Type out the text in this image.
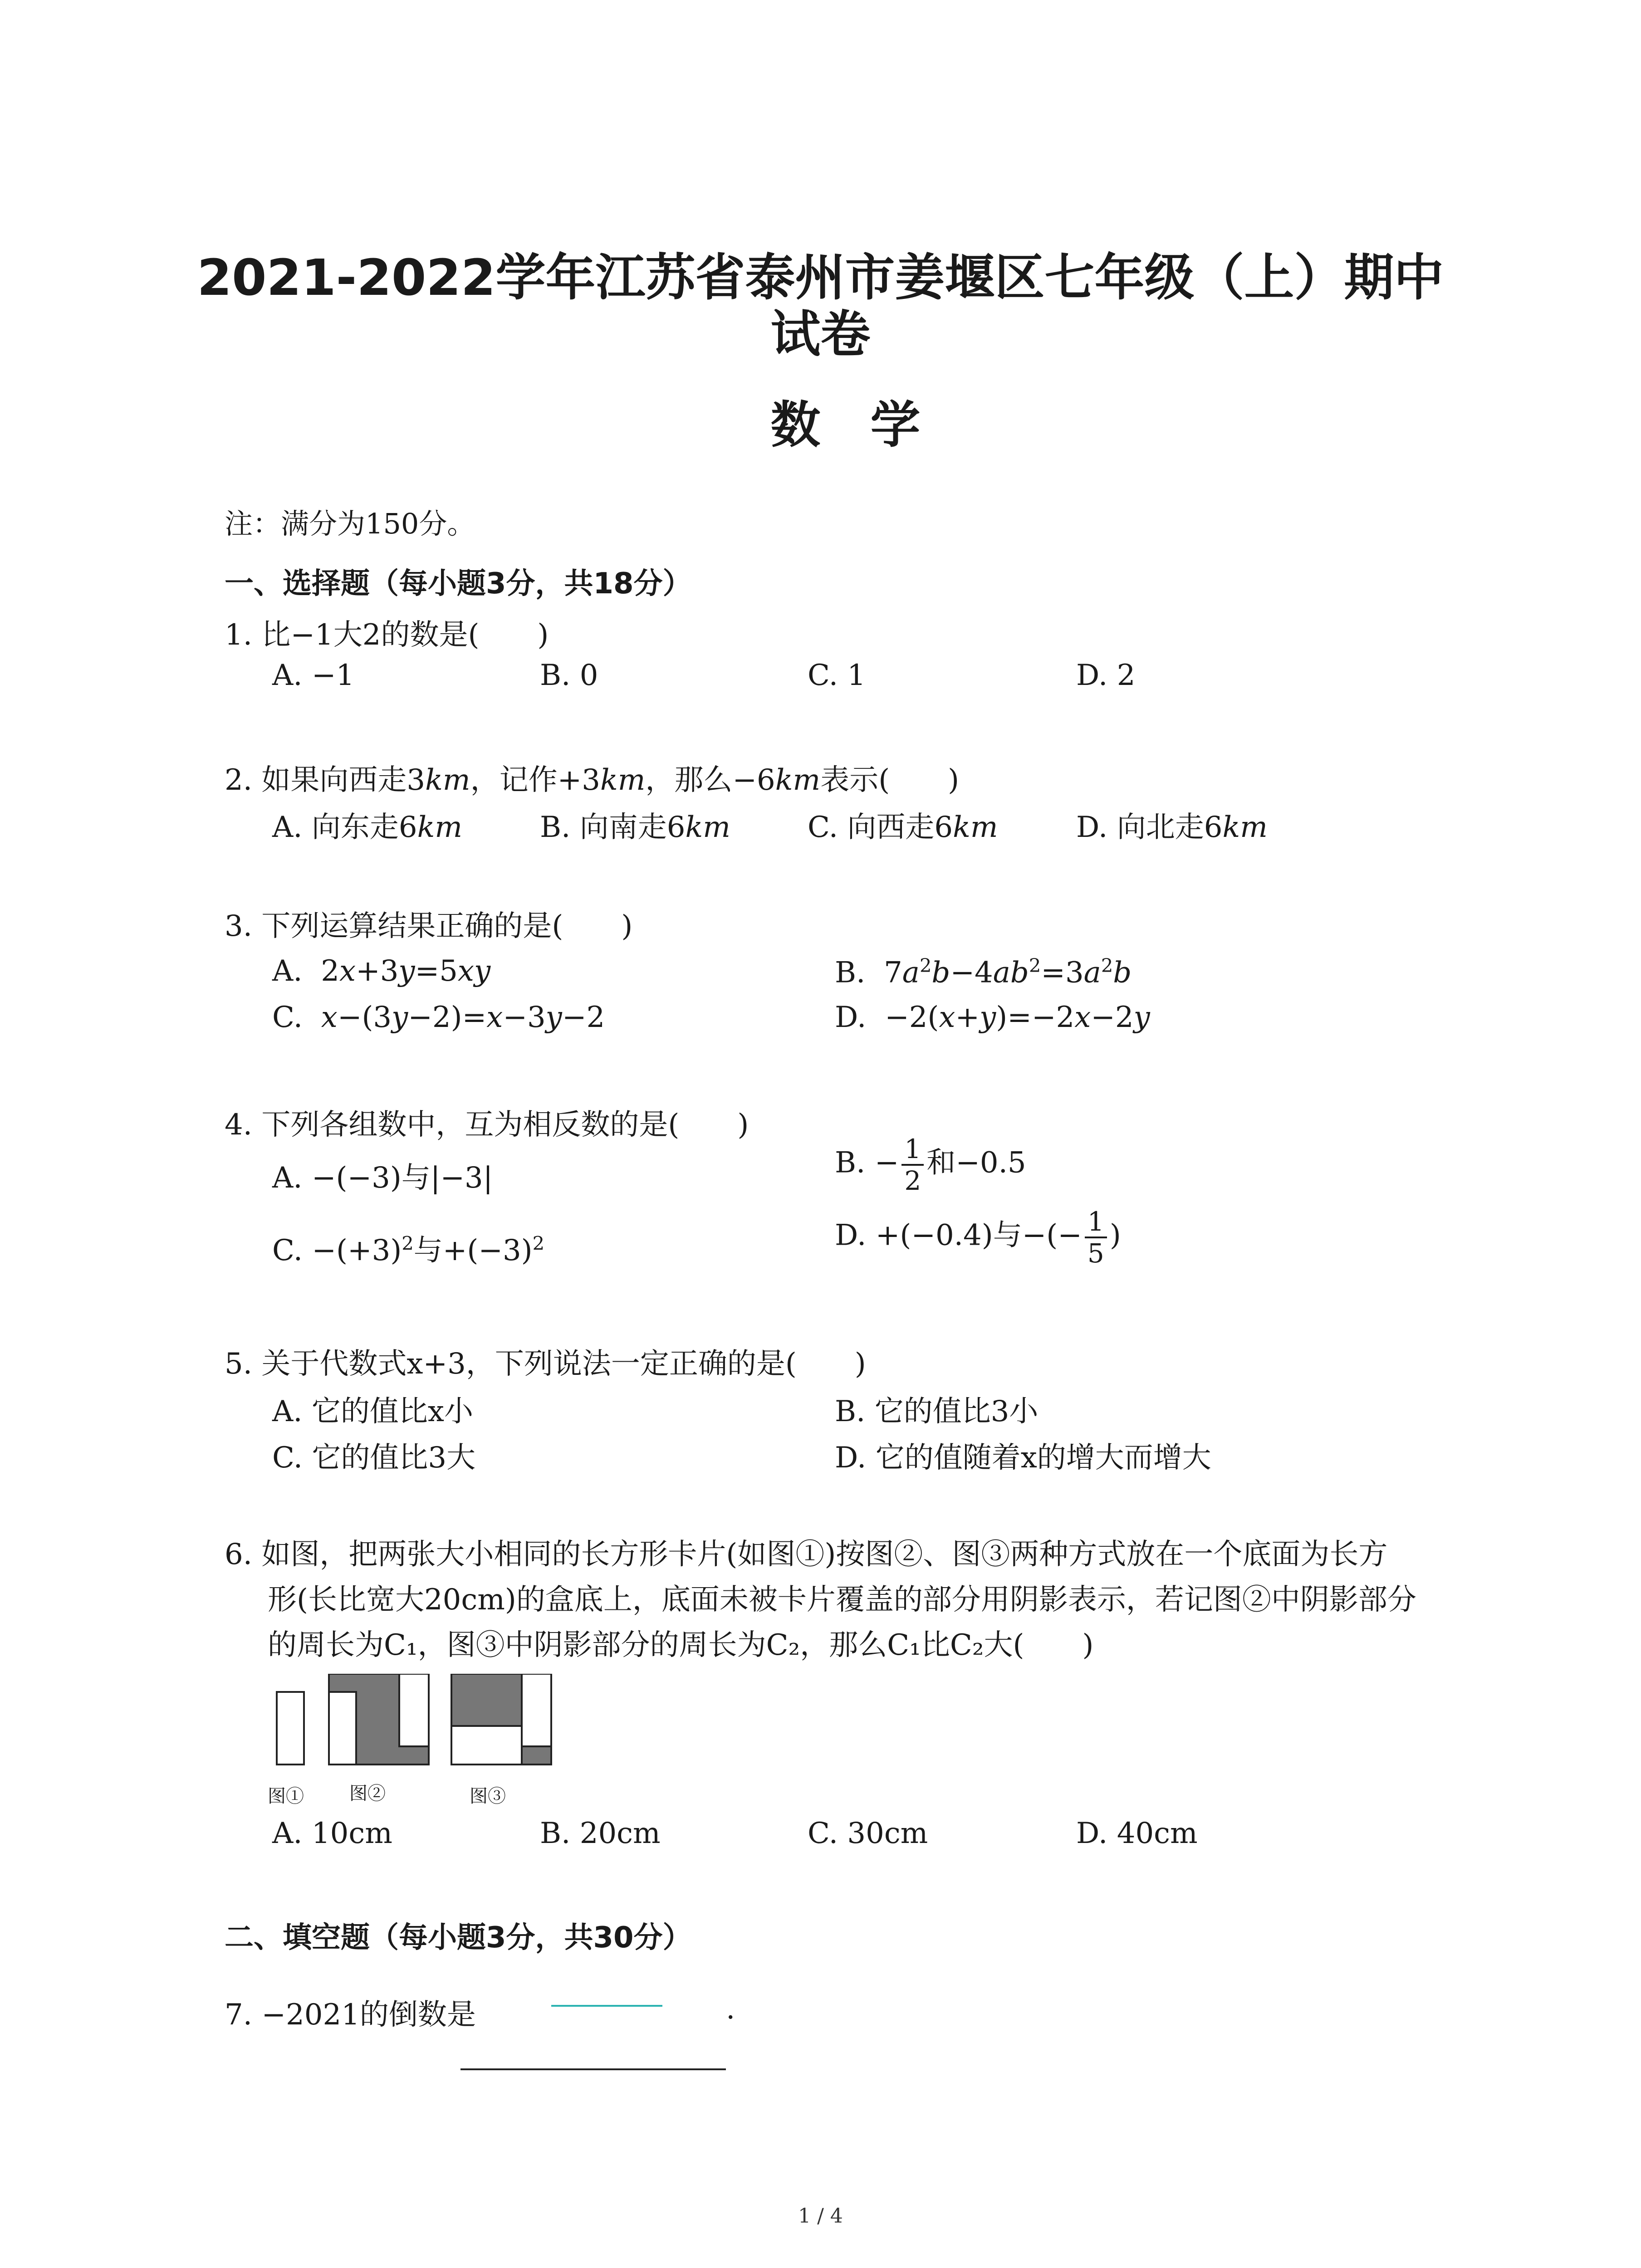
2021-2022学年江苏省泰州市姜堰区七年级（上）期中
试卷
数学
注：满分为150分。
一、选择题（每小题3分，共18分）
1. 比−1大2的数是(　　)
A. −1	B. 0	C. 1	D. 2
2. 如果向西走3km，记作+3km，那么−6km表示(　　)
A. 向东走6km	B. 向南走6km	C. 向西走6km	D. 向北走6km
3. 下列运算结果正确的是(　　)
A.  2x+3y=5xy	B.  $7a^2b-4ab^2=3a^2b$
C. x−(3y−2)=x−3y−2	D.  −2(x+y)=−2x−2y
4. 下列各组数中，互为相反数的是(　　)
A. −(−3)与|−3|	B. − $\frac{1}{2}$ 和−0.5
C. $-(+3)^2$与$+(-3)^2$	D. +(−0.4)与−(− $\frac{1}{5}$ )
5. 关于代数式x+3，下列说法一定正确的是(　　)
A. 它的值比x小	B. 它的值比3小
C. 它的值比3大	D. 它的值随着x的增大而增大
6. 如图，把两张大小相同的长方形卡片(如图①)按图②、图③两种方式放在一个底面为长方
形(长比宽大20cm)的盒底上，底面未被卡片覆盖的部分用阴影表示，若记图②中阴影部分
的周长为C₁，图③中阴影部分的周长为C₂，那么C₁比C₂大(　　)
图①	图②	图③
A. 10cm	B. 20cm	C. 30cm	D. 40cm
二、填空题（每小题3分，共30分）
7. −2021的倒数是	.
1 / 4
